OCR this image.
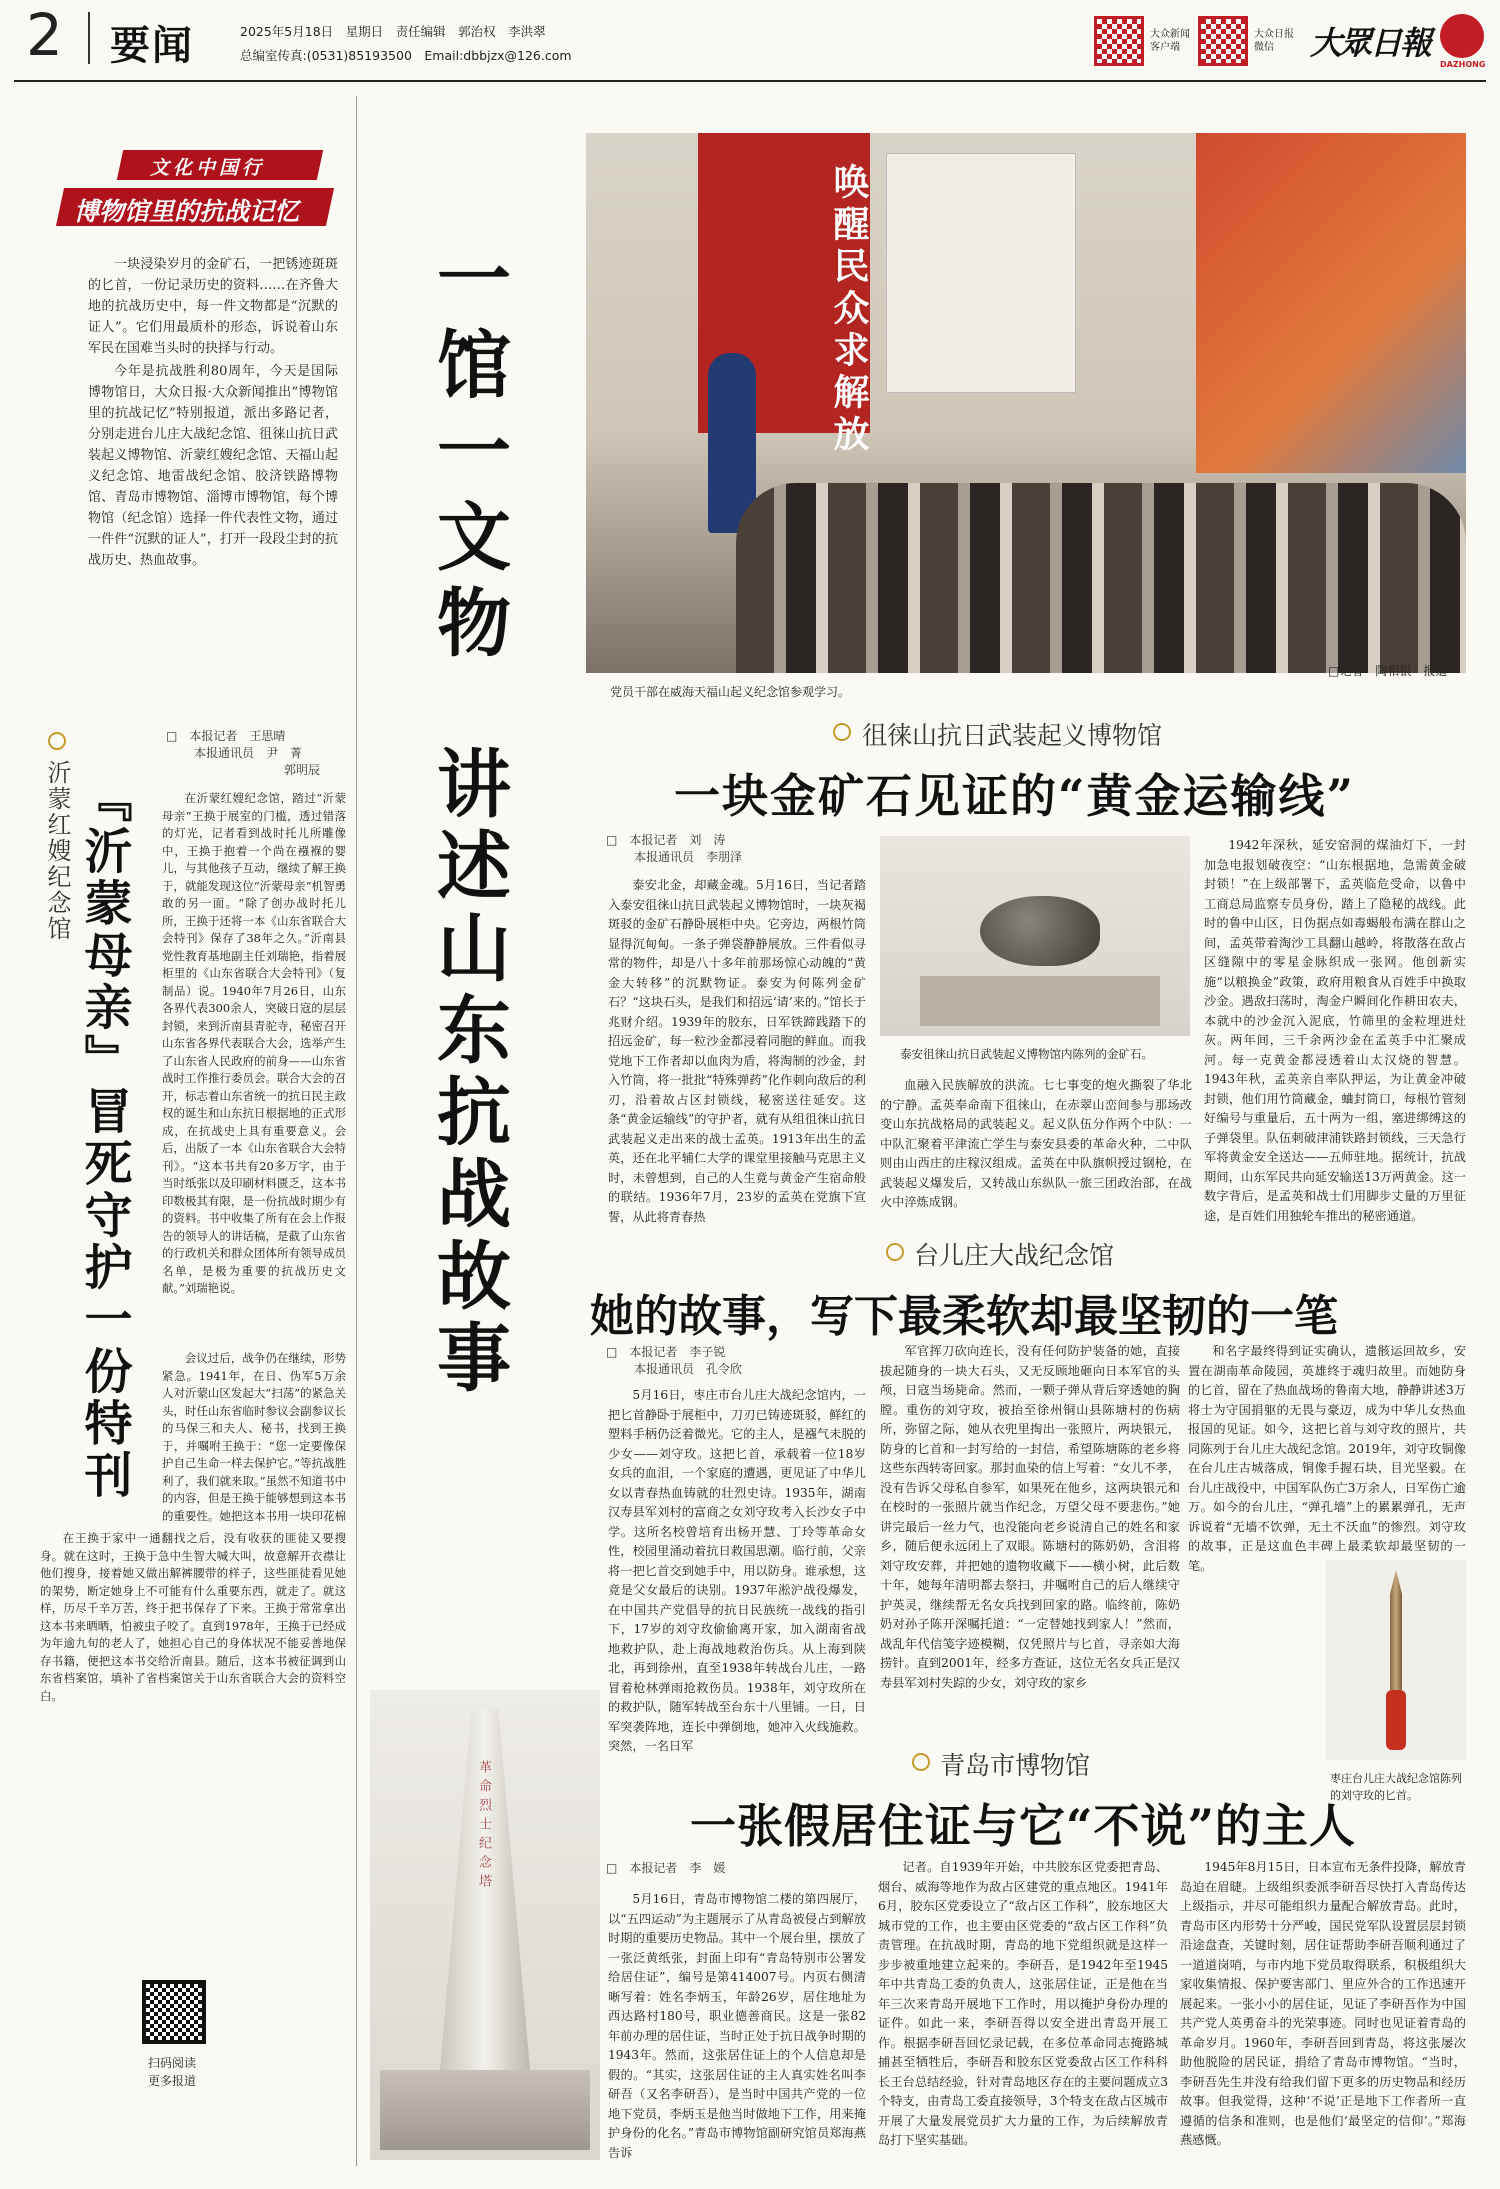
2 要闻	2025年5月18日　星期日　责任编辑　郭治权　李洪翠
总编室传真:(0531)85193500　Email:dbbjzx@126.com
大众新闻
客户端
大众日报
微信	大眾日報
DAZHONG
文化中国行
博物馆里的抗战记忆

一块浸染岁月的金矿石，一把锈迹斑斑的匕首，一份记录历史的资料……在齐鲁大地的抗战历史中，每一件文物都是“沉默的证人”。它们用最质朴的形态，诉说着山东军民在国难当头时的抉择与行动。

今年是抗战胜利80周年，今天是国际博物馆日，大众日报·大众新闻推出“博物馆里的抗战记忆”特别报道，派出多路记者，分别走进台儿庄大战纪念馆、徂徕山抗日武装起义博物馆、沂蒙红嫂纪念馆、天福山起义纪念馆、地雷战纪念馆、胶济铁路博物馆、青岛市博物馆、淄博市博物馆，每个博物馆（纪念馆）选择一件代表性文物，通过一件件“沉默的证人”，打开一段段尘封的抗战历史、热血故事。	一馆一文物
讲述山东抗战故事
唤醒民众求解放
党员干部在威海天福山起义纪念馆参观学习。
□记者　陶相银　报道
徂徕山抗日武装起义博物馆
一块金矿石见证的“黄金运输线”
□　本报记者　刘　涛
本报通讯员　李朋泽
泰安徂徕山抗日武装起义博物馆内陈列的金矿石。
泰安北金，却藏金魂。5月16日，当记者踏入泰安徂徕山抗日武装起义博物馆时，一块灰褐斑驳的金矿石静卧展柜中央。它旁边，两根竹筒显得沉甸甸。一条子弹袋静静展放。三件看似寻常的物件，却是八十多年前那场惊心动魄的“黄金大转移”的沉默物证。泰安为何陈列金矿石？“这块石头，是我们和招远‘请’来的。”馆长于兆财介绍。1939年的胶东，日军铁蹄践踏下的招远金矿，每一粒沙金都浸着同胞的鲜血。而我党地下工作者却以血肉为盾，将淘制的沙金，封入竹筒，将一批批“特殊弹药”化作刺向敌后的利刃，沿着故占区封锁线，秘密送往延安。这条“黄金运输线”的守护者，就有从组徂徕山抗日武装起义走出来的战士孟英。1913年出生的孟英，还在北平辅仁大学的课堂里接触马克思主义时，未曾想到，自己的人生竟与黄金产生宿命般的联结。1936年7月，23岁的孟英在党旗下宣誓，从此将青春热
血融入民族解放的洪流。七七事变的炮火撕裂了华北的宁静。孟英奉命南下徂徕山，在赤翠山峦间参与那场改变山东抗战格局的武装起义。起义队伍分作两个中队：一中队汇聚着平津流亡学生与泰安县委的革命火种，二中队则由山西庄的庄稼汉组成。孟英在中队旗帜授过钢枪，在武装起义爆发后，又转战山东纵队一旅三团政治部，在战火中淬炼成钢。
1942年深秋，延安窑洞的煤油灯下，一封加急电报划破夜空：“山东根据地，急需黄金破封锁！”在上级部署下，孟英临危受命，以鲁中工商总局监察专员身份，踏上了隐秘的战线。此时的鲁中山区，日伪据点如毒蝎般布满在群山之间，孟英带着淘沙工具翻山越岭，将散落在敌占区缝隙中的零星金脉织成一张网。他创新实施“以粮换金”政策，政府用粮食从百姓手中换取沙金。遇敌扫荡时，淘金户瞬间化作耕田农夫，本就中的沙金沉入泥底，竹筛里的金粒埋进灶灰。两年间，三千余两沙金在孟英手中汇聚成河。每一克黄金都浸透着山太汉烧的智慧。1943年秋，孟英亲自率队押运，为让黄金冲破封锁，他们用竹筒藏金，蛐封筒口，每根竹管刻好编号与重量后，五十两为一组，塞进绑缚这的子弹袋里。队伍刺破津浦铁路封锁线，三天急行军将黄金安全送达——五师驻地。据统计，抗战期间，山东军民共向延安输送13万两黄金。这一数字背后，是孟英和战士们用脚步丈量的万里征途，是百姓们用独轮车推出的秘密通道。
台儿庄大战纪念馆
她的故事，写下最柔软却最坚韧的一笔
□　本报记者　李子锐
本报通讯员　孔令欣
5月16日，枣庄市台儿庄大战纪念馆内，一把匕首静卧于展柜中，刀刃已铸迹斑驳，鲜红的塑料手柄仍泛着微光。它的主人，是襁气未脱的少女——刘守玫。这把匕首，承载着一位18岁女兵的血泪，一个家庭的遭遇，更见证了中华儿女以青春热血铸就的壮烈史诗。1935年，湖南汉寿县军刘村的富商之女刘守玫考入长沙女子中学。这所名校曾培育出杨开慧、丁玲等革命女性，校园里涌动着抗日救国思潮。临行前，父亲将一把匕首交到她手中，用以防身。谁承想，这竟是父女最后的诀别。1937年淞沪战役爆发，在中国共产党倡导的抗日民族统一战线的指引下，17岁的刘守玫偷偷离开家，加入湖南省战地救护队，赴上海战地救治伤兵。从上海到陕北，再到徐州，直至1938年转战台儿庄，一路冒着枪林弹雨抢救伤员。1938年，刘守玫所在的救护队，随军转战至台东十八里铺。一日，日军突袭阵地，连长中弹倒地，她冲入火线施救。突然，一名日军
军官挥刀砍向连长，没有任何防护装备的她，直接拔起随身的一块大石头，又无反顾地砸向日本军官的头颅，日寇当场毙命。然而，一颗子弹从背后穿透她的胸膛。重伤的刘守玫，被抬至徐州铜山县陈塘村的伤病所，弥留之际，她从衣兜里掏出一张照片，两块银元，防身的匕首和一封写给的一封信，希望陈塘陈的老乡将这些东西转寄回家。那封血染的信上写着：“女儿不孝，没有告诉父母私自参军，如果死在他乡，这两块银元和在校时的一张照片就当作纪念，万望父母不要悲伤。”她讲完最后一丝力气，也没能向老乡说清自己的姓名和家乡，随后便永远闭上了双眼。陈塘村的陈奶奶，含泪将刘守玫安葬，并把她的遗物收藏下——横小树，此后数十年，她每年清明都去祭扫，并嘱咐自己的后人继续守护英灵，继续帮无名女兵找到回家的路。临终前，陈奶奶对孙子陈开深嘱托道：“一定替她找到家人！”然而，战乱年代信笺字迹模糊，仅凭照片与匕首，寻亲如大海捞针。直到2001年，经多方查证，这位无名女兵正是汉寿县军刘村失踪的少女，刘守玫的家乡
和名字最终得到证实确认，遗骸运回故乡，安置在湖南革命陵园，英雄终于魂归故里。而她防身的匕首，留在了热血战场的鲁南大地，静静讲述3万将士为守国捐躯的无畏与豪迈，成为中华儿女热血报国的见证。如今，这把匕首与刘守玫的照片，共同陈列于台儿庄大战纪念馆。2019年，刘守玫铜像在台儿庄古城落成，铜像手握石块，目光坚毅。在台儿庄战役中，中国军队伤亡3万余人，日军伤亡逾万。如今的台儿庄，“弹孔墙”上的累累弹孔，无声诉说着“无墙不饮弹，无土不沃血”的惨烈。刘守玫的故事，正是这血色丰碑上最柔软却最坚韧的一笔。
枣庄台儿庄大战纪念馆陈列的刘守玫的匕首。
青岛市博物馆
一张假居住证与它“不说”的主人
□　本报记者　李　媛
革命烈士纪念塔
5月16日，青岛市博物馆二楼的第四展厅，以“五四运动”为主题展示了从青岛被侵占到解放时期的重要历史物品。其中一个展台里，摆放了一张泛黄纸张，封面上印有“青岛特别市公署发给居住证”，编号是第414007号。内页右侧清晰写着：姓名李炳玉，年龄26岁，居住地址为西达路村180号，职业德善商民。这是一张82年前办理的居住证，当时正处于抗日战争时期的1943年。然而，这张居住证上的个人信息却是假的。“其实，这张居住证的主人真实姓名叫李研吾（又名李研吾），是当时中国共产党的一位地下党员，李炳玉是他当时做地下工作，用来掩护身份的化名。”青岛市博物馆副研究馆员郑海燕告诉
记者。自1939年开始，中共胶东区党委把青岛、烟台、威海等地作为敌占区建党的重点地区。1941年6月，胶东区党委设立了“敌占区工作科”，胶东地区大城市党的工作，也主要由区党委的“敌占区工作科”负责管理。在抗战时期，青岛的地下党组织就是这样一步步被重地建立起来的。李研吾，是1942年至1945年中共青岛工委的负责人，这张居住证，正是他在当年三次来青岛开展地下工作时，用以掩护身份办理的证件。如此一来，李研吾得以安全进出青岛开展工作。根据李研吾回忆录记载，在多位革命同志掩路城捕甚至牺牲后，李研吾和胶东区党委敌占区工作科科长王台总结经验，针对青岛地区存在的主要问题成立3个特支，由青岛工委直接领导，3个特支在敌占区城市开展了大量发展党员扩大力量的工作，为后续解放青岛打下坚实基础。
1945年8月15日，日本宣布无条件投降，解放青岛迫在眉睫。上级组织委派李研吾尽快打入青岛传达上级指示，并尽可能组织力量配合解放青岛。此时，青岛市区内形势十分严峻，国民党军队设置层层封锁沿途盘查，关键时刻，居住证帮助李研吾顺利通过了一道道岗哨，与市内地下党员取得联系，积极组织大家收集情报、保护要害部门、里应外合的工作迅速开展起来。一张小小的居住证，见证了李研吾作为中国共产党人英勇奋斗的光荣事迹。同时也见证着青岛的革命岁月。1960年，李研吾回到青岛，将这张屡次助他脱险的居民证，捐给了青岛市博物馆。“当时，李研吾先生并没有给我们留下更多的历史物品和经历故事。但我觉得，这种‘不说’正是地下工作者所一直遵循的信条和准则，也是他们‘最坚定的信仰’。”郑海燕感慨。
沂蒙红嫂纪念馆 『沂蒙母亲』冒死守护一份特刊
□　本报记者　王思晴
本报通讯员　尹　菁
郭明辰
在沂蒙红嫂纪念馆，踏过“沂蒙母亲”王换于展室的门槛，透过错落的灯光，记者看到战时托儿所雕像中，王换于抱着一个尚在襁褓的婴儿，与其他孩子互动，继续了解王换于，就能发现这位“沂蒙母亲”机智勇敢的另一面。“除了创办战时托儿所，王换于还将一本《山东省联合大会特刊》保存了38年之久。”沂南县党性教育基地副主任刘瑞艳，指着展柜里的《山东省联合大会特刊》（复制品）说。1940年7月26日，山东各界代表300余人，突破日寇的层层封锁，来到沂南县青驼寺，秘密召开山东省各界代表联合大会，选举产生了山东省人民政府的前身——山东省战时工作推行委员会。联合大会的召开，标志着山东省统一的抗日民主政权的诞生和山东抗日根据地的正式形成，在抗战史上具有重要意义。会后，出版了一本《山东省联合大会特刊》。“这本书共有20多万字，由于当时纸张以及印刷材料匮乏，这本书印数极其有限，是一份抗战时期少有的资料。书中收集了所有在会上作报告的领导人的讲话稿，是截了山东省的行政机关和群众团体所有领导成员名单，是极为重要的抗战历史文献。”刘瑞艳说。
会议过后，战争仍在继续，形势紧急。1941年，在日、伪军5万余人对沂蒙山区发起大“扫荡”的紧急关头，时任山东省临时参议会副参议长的马保三和夫人、秘书，找到王换于，并嘱咐王换于：“您一定要像保护自己生命一样去保护它。”等抗战胜利了，我们就来取。”虽然不知道书中的内容，但是王换于能够想到这本书的重要性。她把这本书用一块印花棉
在王换于家中一通翻找之后，没有收获的匪徒又要搜身。就在这时，王换于急中生智大喊大叫，故意解开衣襟让他们搜身，接着她又做出解裤腰带的样子，这些匪徒看见她的架势，断定她身上不可能有什么重要东西，就走了。就这样，历尽千辛万苦，终于把书保存了下来。王换于常常拿出这本书来晒晒，怕被虫子咬了。直到1978年，王换于已经成为年逾九旬的老人了，她担心自己的身体状况不能妥善地保存书籍，便把这本书交给沂南县。随后，这本书被征调到山东省档案馆，填补了省档案馆关于山东省联合大会的资料空白。
扫码阅读
更多报道
